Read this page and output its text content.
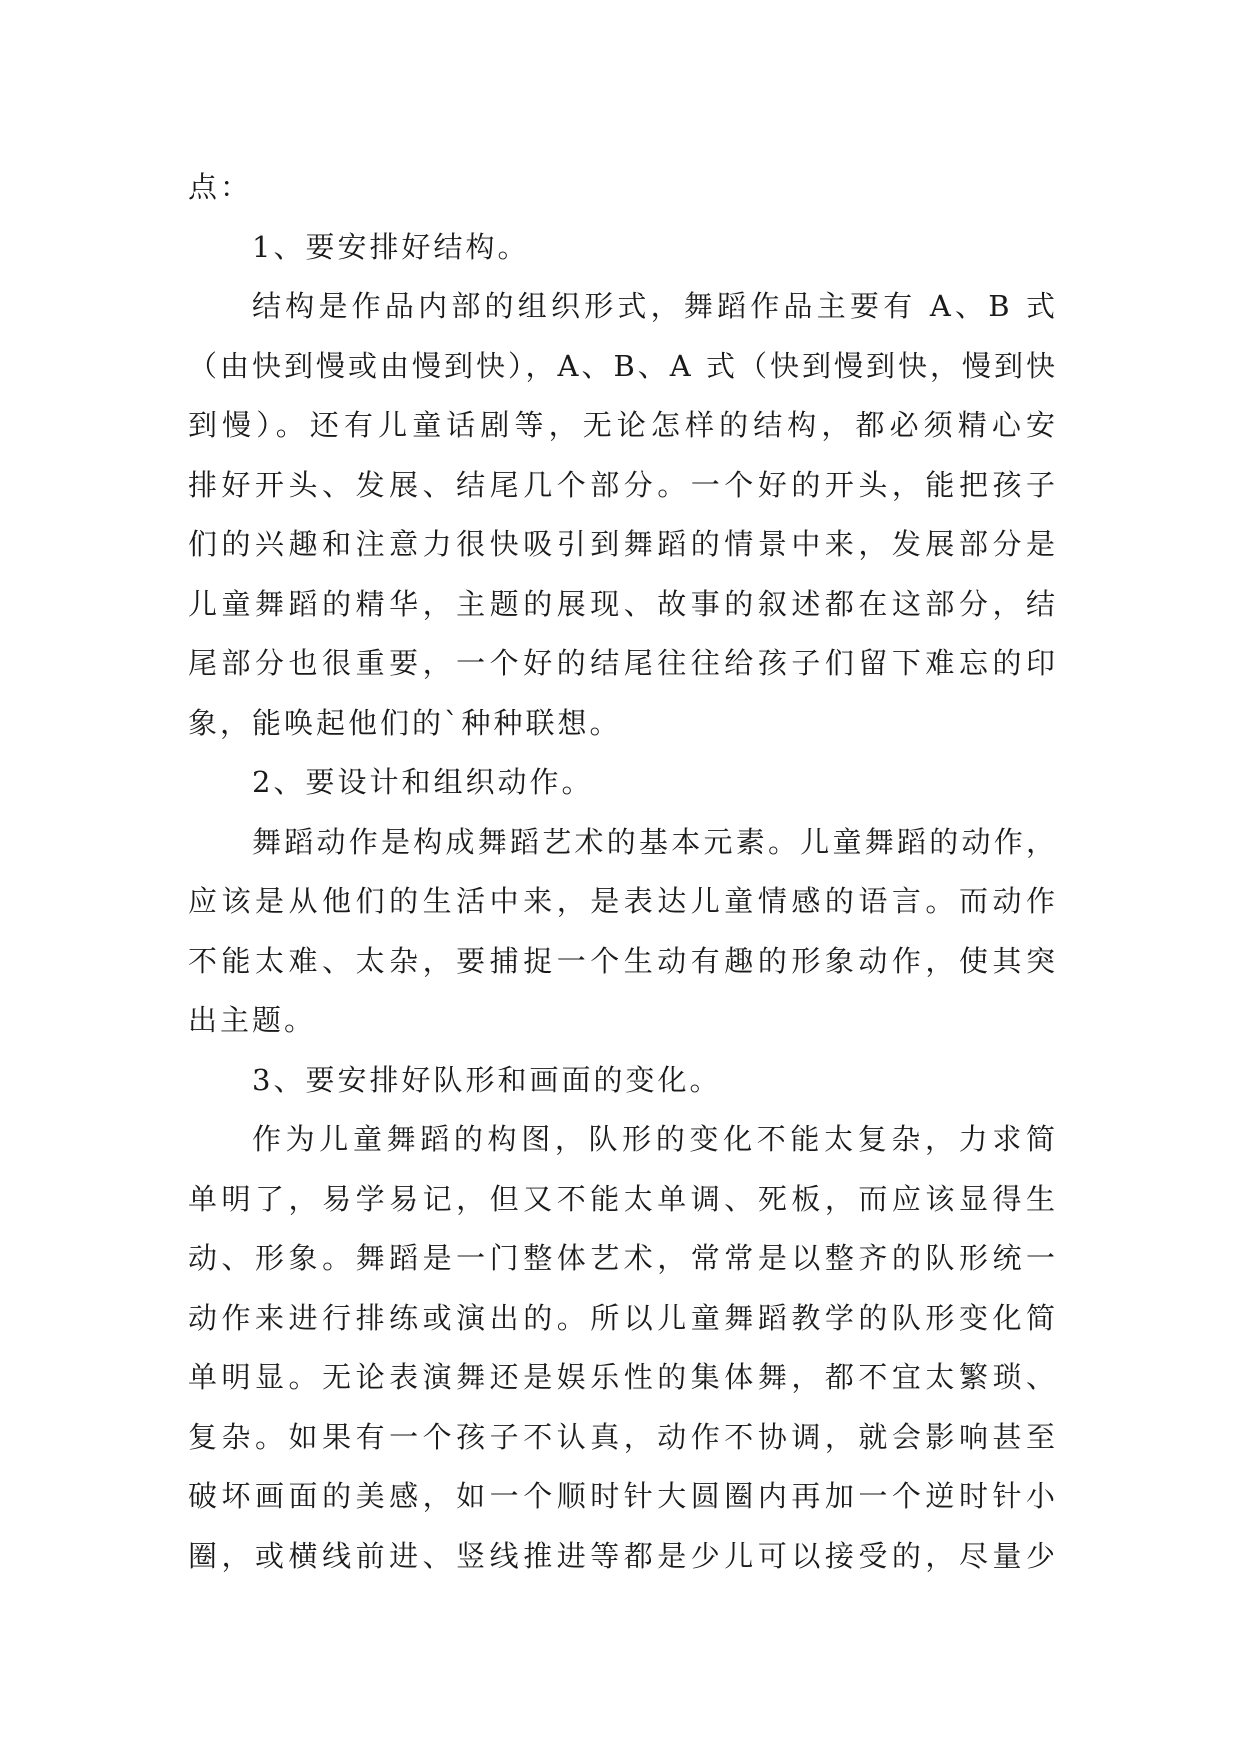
点：
1、要安排好结构。
结构是作品内部的组织形式，舞蹈作品主要有 A、B 式
（由快到慢或由慢到快），A、B、A 式（快到慢到快，慢到快
到慢）。还有儿童话剧等，无论怎样的结构，都必须精心安
排好开头、发展、结尾几个部分。一个好的开头，能把孩子
们的兴趣和注意力很快吸引到舞蹈的情景中来，发展部分是
儿童舞蹈的精华，主题的展现、故事的叙述都在这部分，结
尾部分也很重要，一个好的结尾往往给孩子们留下难忘的印
象，能唤起他们的`种种联想。
2、要设计和组织动作。
舞蹈动作是构成舞蹈艺术的基本元素。儿童舞蹈的动作，
应该是从他们的生活中来，是表达儿童情感的语言。而动作
不能太难、太杂，要捕捉一个生动有趣的形象动作，使其突
出主题。
3、要安排好队形和画面的变化。
作为儿童舞蹈的构图，队形的变化不能太复杂，力求简
单明了，易学易记，但又不能太单调、死板，而应该显得生
动、形象。舞蹈是一门整体艺术，常常是以整齐的队形统一
动作来进行排练或演出的。所以儿童舞蹈教学的队形变化简
单明显。无论表演舞还是娱乐性的集体舞，都不宜太繁琐、
复杂。如果有一个孩子不认真，动作不协调，就会影响甚至
破坏画面的美感，如一个顺时针大圆圈内再加一个逆时针小
圈，或横线前进、竖线推进等都是少儿可以接受的，尽量少
